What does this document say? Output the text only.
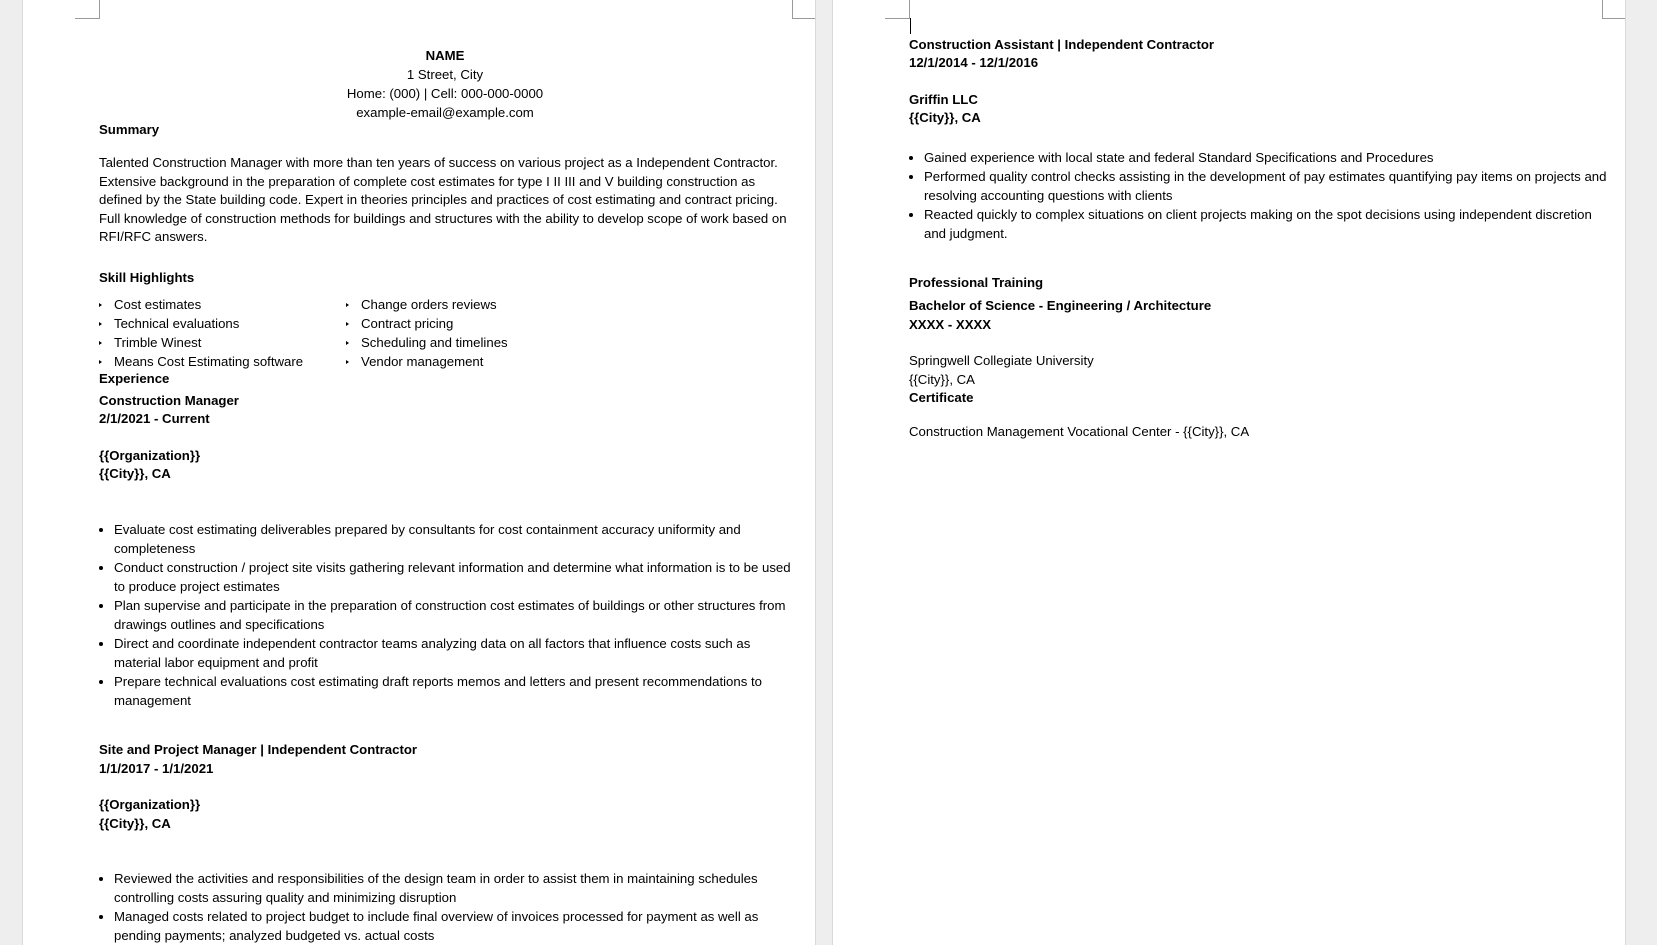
NAME
1 Street, City
Home: (000) | Cell: 000-000-0000
example-email@example.com
Summary
Talented Construction Manager with more than ten years of success on various project as a Independent Contractor. Extensive background in the preparation of complete cost estimates for type I II III and V building construction as defined by the State building code. Expert in theories principles and practices of cost estimating and contract pricing. Full knowledge of construction methods for buildings and structures with the ability to develop scope of work based on RFI/RFC answers.
Skill Highlights
Cost estimates
Technical evaluations
Trimble Winest
Means Cost Estimating software
Change orders reviews
Contract pricing
Scheduling and timelines
Vendor management
Experience
Construction Manager
2/1/2021 - Current
{{Organization}}
{{City}}, CA
• Evaluate cost estimating deliverables prepared by consultants for cost containment accuracy uniformity and completeness
• Conduct construction / project site visits gathering relevant information and determine what information is to be used to produce project estimates
• Plan supervise and participate in the preparation of construction cost estimates of buildings or other structures from drawings outlines and specifications
• Direct and coordinate independent contractor teams analyzing data on all factors that influence costs such as material labor equipment and profit
• Prepare technical evaluations cost estimating draft reports memos and letters and present recommendations to management
Site and Project Manager | Independent Contractor
1/1/2017 - 1/1/2021
{{Organization}}
{{City}}, CA
• Reviewed the activities and responsibilities of the design team in order to assist them in maintaining schedules controlling costs assuring quality and minimizing disruption
• Managed costs related to project budget to include final overview of invoices processed for payment as well as pending payments; analyzed budgeted vs. actual costs
Construction Assistant | Independent Contractor
12/1/2014 - 12/1/2016
Griffin LLC
{{City}}, CA
• Gained experience with local state and federal Standard Specifications and Procedures
• Performed quality control checks assisting in the development of pay estimates quantifying pay items on projects and resolving accounting questions with clients
• Reacted quickly to complex situations on client projects making on the spot decisions using independent discretion and judgment.
Professional Training
Bachelor of Science - Engineering / Architecture
XXXX - XXXX
Springwell Collegiate University
{{City}}, CA
Certificate
Construction Management Vocational Center - {{City}}, CA
